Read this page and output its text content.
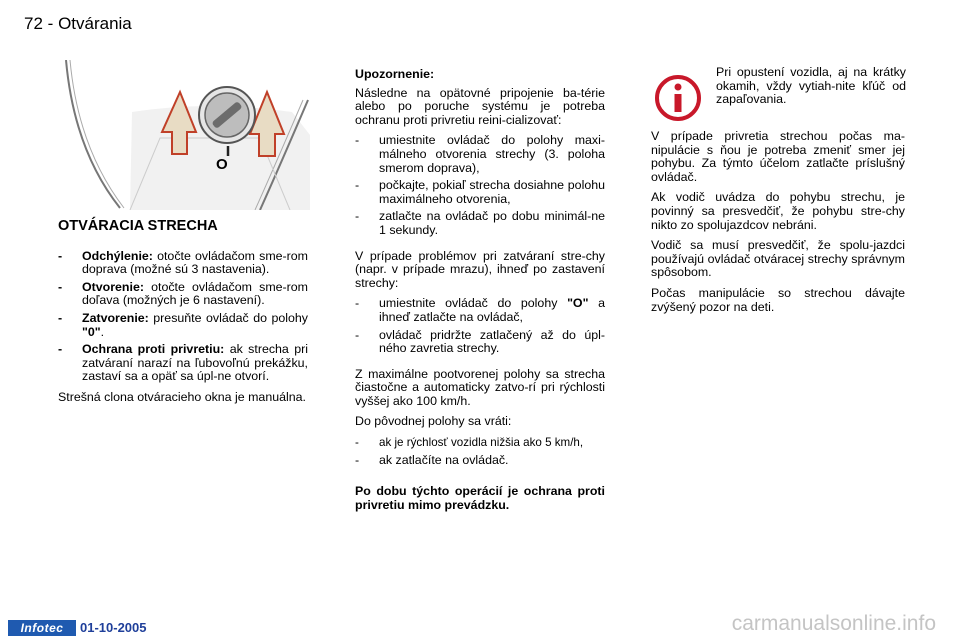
72 - Otvárania
O
OTVÁRACIA STRECHA
- Odchýlenie: otočte ovládačom sme-rom doprava (možné sú 3 nastavenia).
- Otvorenie: otočte ovládačom sme-rom doľava (možných je 6 nastavení).
- Zatvorenie: presuňte ovládač do polohy "0".
- Ochrana proti privretiu: ak strecha pri zatváraní narazí na ľubovoľnú prekážku, zastaví sa a opäť sa úpl-ne otvorí.

Strešná clona otváracieho okna je manuálna.

Upozornenie:

Následne na opätovné pripojenie ba-térie alebo po poruche systému je potreba ochranu proti privretiu reini-cializovať:

- umiestnite ovládač do polohy maxi-málneho otvorenia strechy (3. poloha smerom doprava),
- počkajte, pokiaľ strecha dosiahne polohu maximálneho otvorenia,
- zatlačte na ovládač po dobu minimál-ne 1 sekundy.

V prípade problémov pri zatváraní stre-chy (napr. v prípade mrazu), ihneď po zastavení strechy:

- umiestnite ovládač do polohy "O" a ihneď zatlačte na ovládač,
- ovládač pridržte zatlačený až do úpl-ného zavretia strechy.

Z maximálne pootvorenej polohy sa strecha čiastočne a automaticky zatvo-rí pri rýchlosti vyššej ako 100 km/h.

Do pôvodnej polohy sa vráti:

- ak je rýchlosť vozidla nižšia ako 5 km/h,
- ak zatlačíte na ovládač.

Po dobu týchto operácií je ochrana proti privretiu mimo prevádzku.

Pri opustení vozidla, aj na krátky okamih, vždy vytiah-nite kľúč od zapaľovania.

V prípade privretia strechou počas ma-nipulácie s ňou je potreba zmeniť smer jej pohybu. Za týmto účelom zatlačte príslušný ovládač.

Ak vodič uvádza do pohybu strechu, je povinný sa presvedčiť, že pohybu stre-chy nikto zo spolujazdcov nebráni.

Vodič sa musí presvedčiť, že spolu-jazdci používajú ovládač otváracej strechy správnym spôsobom.

Počas manipulácie so strechou dávajte zvýšený pozor na deti.

Infotec	01-10-2005	carmanualsonline.info
